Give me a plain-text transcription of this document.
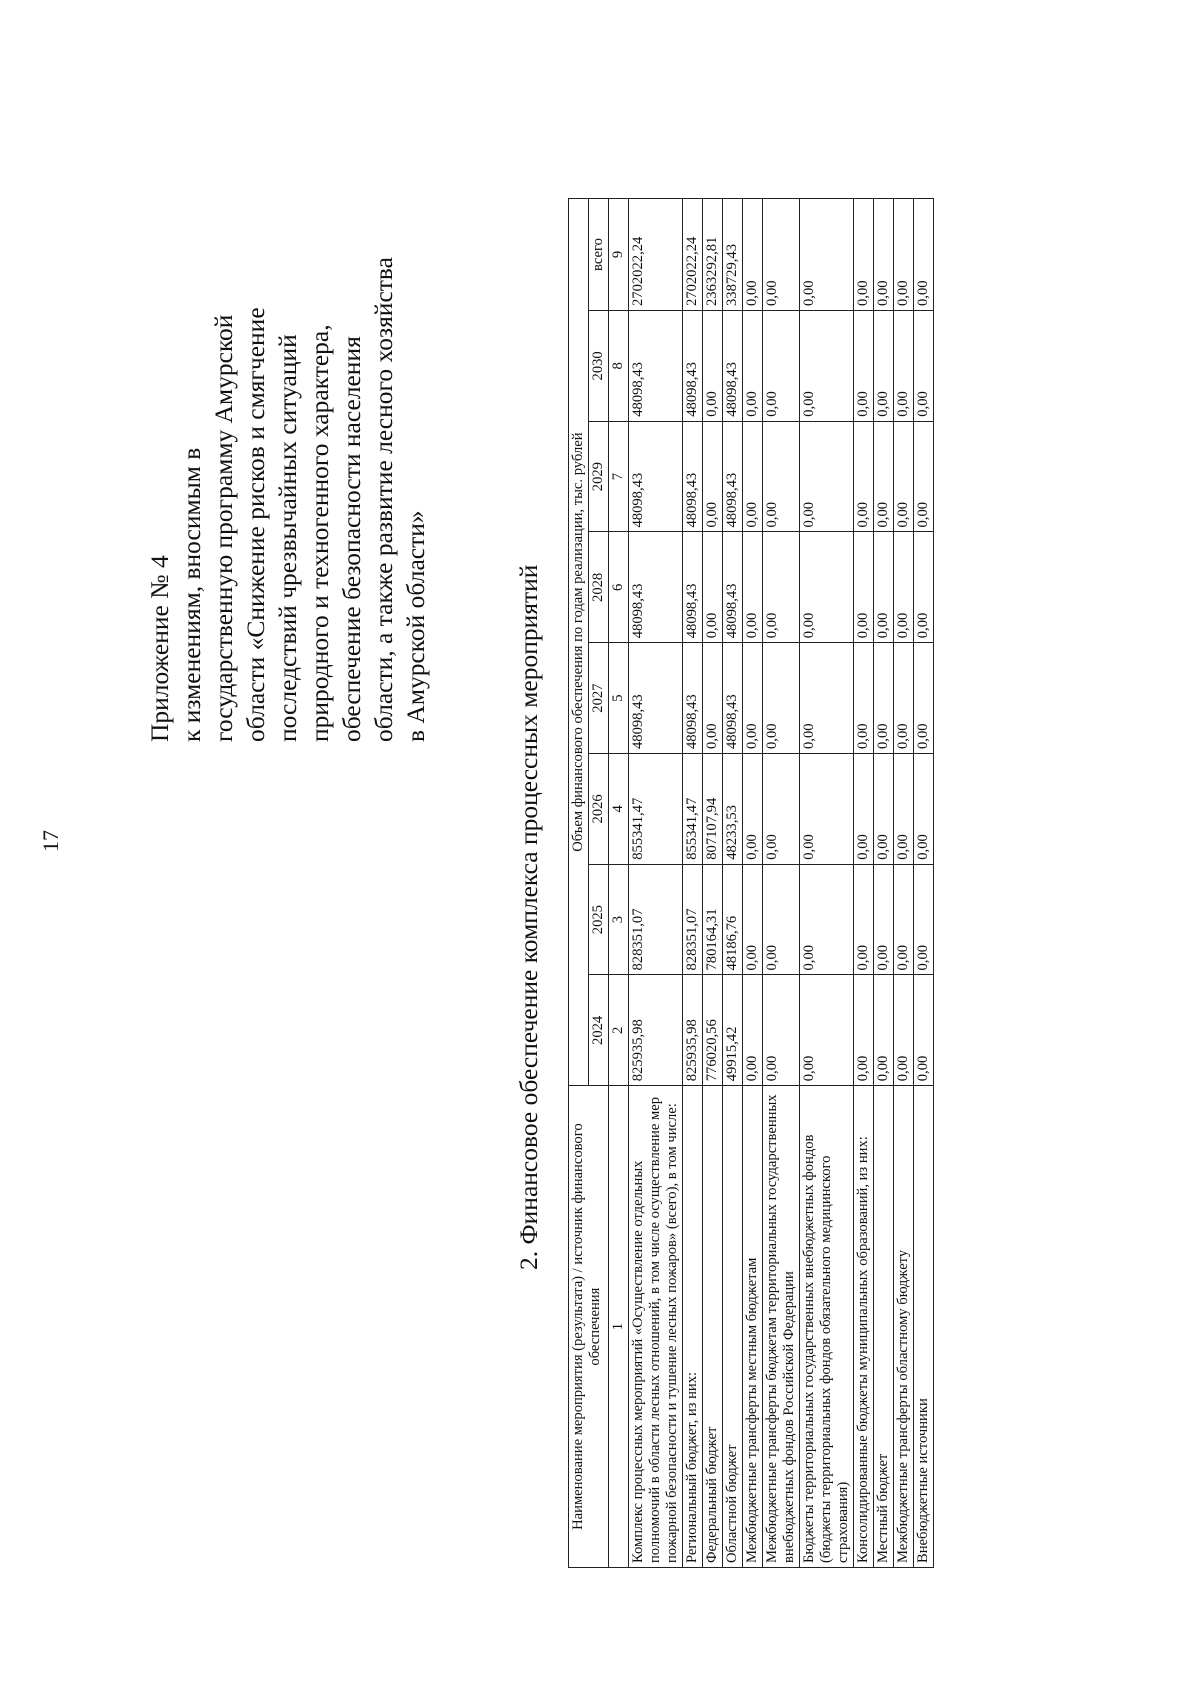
17
Приложение № 4 к изменениям, вносимым в государственную программу Амурской области «Снижение рисков и смягчение последствий чрезвычайных ситуаций природного и техногенного характера, обеспечение безопасности населения области, а также развитие лесного хозяйства в Амурской области»	2. Финансовое обеспечение комплекса процессных мероприятий
Наименование мероприятия (результата) / источник финансового обеспечения	Объем финансового обеспечения по годам реализации, тыс. рублей							
	2024	2025	2026	2027	2028	2029	2030	всего
1	2	3	4	5	6	7	8	9
Комплекс процессных мероприятий «Осуществление отдельных полномочий в области лесных отношений, в том числе осуществление мер пожарной безопасности и тушение лесных пожаров» (всего), в том числе:	825935,98	828351,07	855341,47	48098,43	48098,43	48098,43	48098,43	2702022,24
Региональный бюджет, из них:	825935,98	828351,07	855341,47	48098,43	48098,43	48098,43	48098,43	2702022,24
Федеральный бюджет	776020,56	780164,31	807107,94	0,00	0,00	0,00	0,00	2363292,81
Областной бюджет	49915,42	48186,76	48233,53	48098,43	48098,43	48098,43	48098,43	338729,43
Межбюджетные трансферты местным бюджетам	0,00	0,00	0,00	0,00	0,00	0,00	0,00	0,00
Межбюджетные трансферты бюджетам территориальных государственных внебюджетных фондов Российской Федерации	0,00	0,00	0,00	0,00	0,00	0,00	0,00	0,00
Бюджеты территориальных государственных внебюджетных фондов (бюджеты территориальных фондов обязательного медицинского страхования)	0,00	0,00	0,00	0,00	0,00	0,00	0,00	0,00
Консолидированные бюджеты муниципальных образований, из них:	0,00	0,00	0,00	0,00	0,00	0,00	0,00	0,00
Местный бюджет	0,00	0,00	0,00	0,00	0,00	0,00	0,00	0,00
Межбюджетные трансферты областному бюджету	0,00	0,00	0,00	0,00	0,00	0,00	0,00	0,00
Внебюджетные источники	0,00	0,00	0,00	0,00	0,00	0,00	0,00	0,00
